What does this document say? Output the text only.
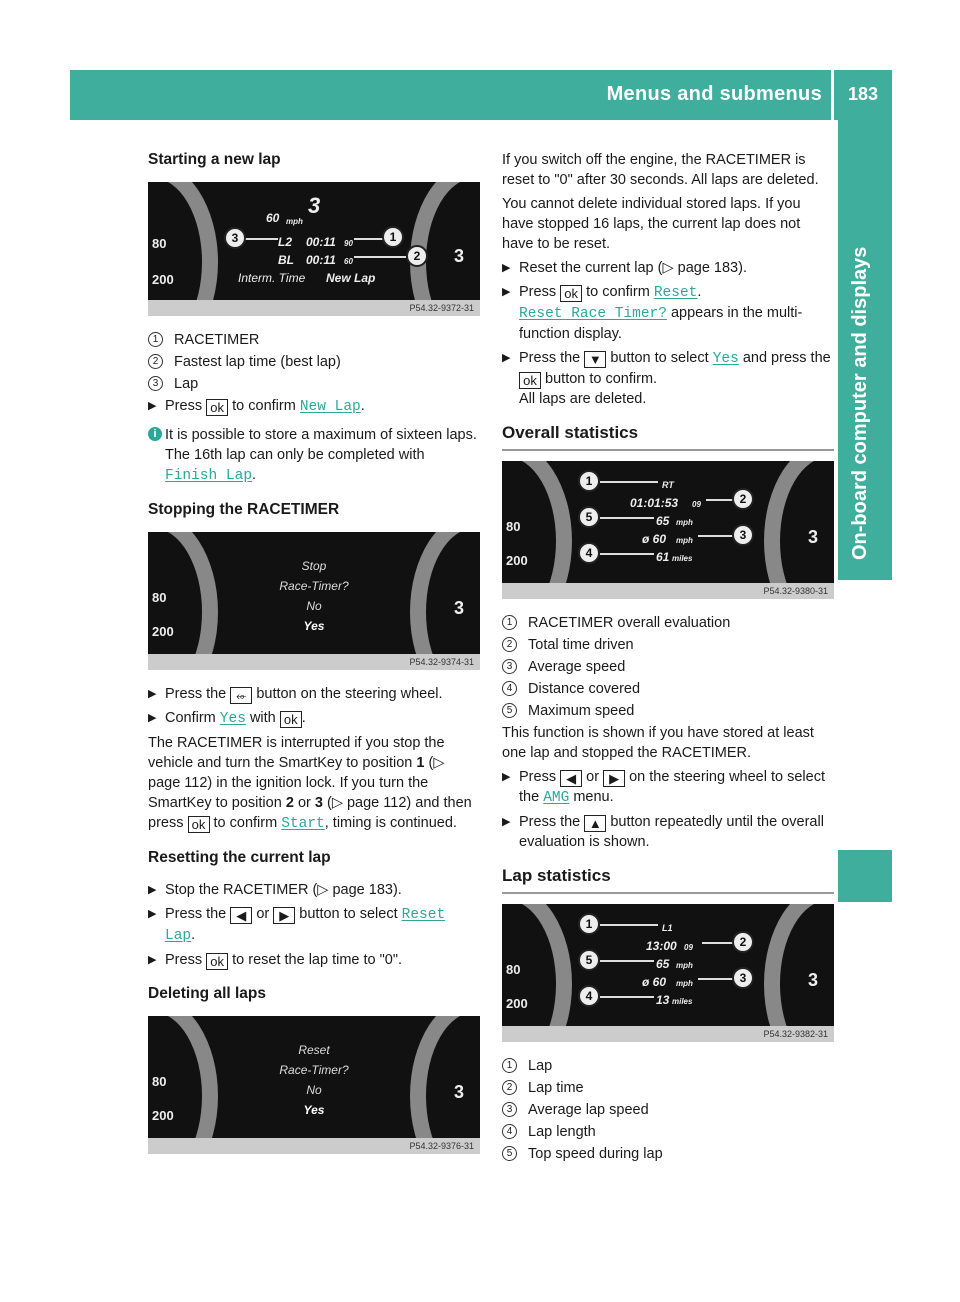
Menus and submenus 183
On-board computer and displays
Starting a new lap
80
200
3
60 mph
3
L2 00:11 90
BL 00:11 60
Interm. Time New Lap
3	1
2
P54.32-9372-31
1	RACETIMER
2	Fastest lap time (best lap)
3	Lap
▶ Press ok to confirm New Lap.
i It is possible to store a maximum of sixteen laps. The 16th lap can only be completed with Finish Lap.
Stopping the RACETIMER
80
200
3
Stop
Race-Timer?
No
Yes
P54.32-9374-31
▶ Press the ⬰ button on the steering wheel.
▶ Confirm Yes with ok .

The RACETIMER is interrupted if you stop the vehicle and turn the SmartKey to position 1 (▷ page 112) in the ignition lock. If you turn the SmartKey to position 2 or 3 (▷ page 112) and then press ok to confirm Start, timing is continued.

Resetting the current lap
▶ Stop the RACETIMER (▷ page 183).
▶ Press the ◀ or ▶ button to select Reset Lap.
▶ Press ok to reset the lap time to "0".
Deleting all laps
80
200
3
Reset
Race-Timer?
No
Yes
P54.32-9376-31

If you switch off the engine, the RACETIMER is reset to "0" after 30 seconds. All laps are deleted.

You cannot delete individual stored laps. If you have stopped 16 laps, the current lap does not have to be reset.

▶ Reset the current lap (▷ page 183).
▶ Press ok to confirm Reset.
Reset Race Timer? appears in the multi-function display.
▶ Press the ▼ button to select Yes and press the ok button to confirm.
All laps are deleted.
Overall statistics
80
200
3
RT
01:01:53 09
65 mph
ø 60 mph
61 miles
1
5
4
2
3
P54.32-9380-31
1	RACETIMER overall evaluation
2	Total time driven
3	Average speed
4	Distance covered
5	Maximum speed

This function is shown if you have stored at least one lap and stopped the RACETIMER.

▶ Press ◀ or ▶ on the steering wheel to select the AMG menu.
▶ Press the ▲ button repeatedly until the overall evaluation is shown.
Lap statistics
80
200
3
L1
13:00 09
65 mph
ø 60 mph
13 miles
1
5
4
2
3
P54.32-9382-31
1	Lap
2	Lap time
3	Average lap speed
4	Lap length
5	Top speed during lap
